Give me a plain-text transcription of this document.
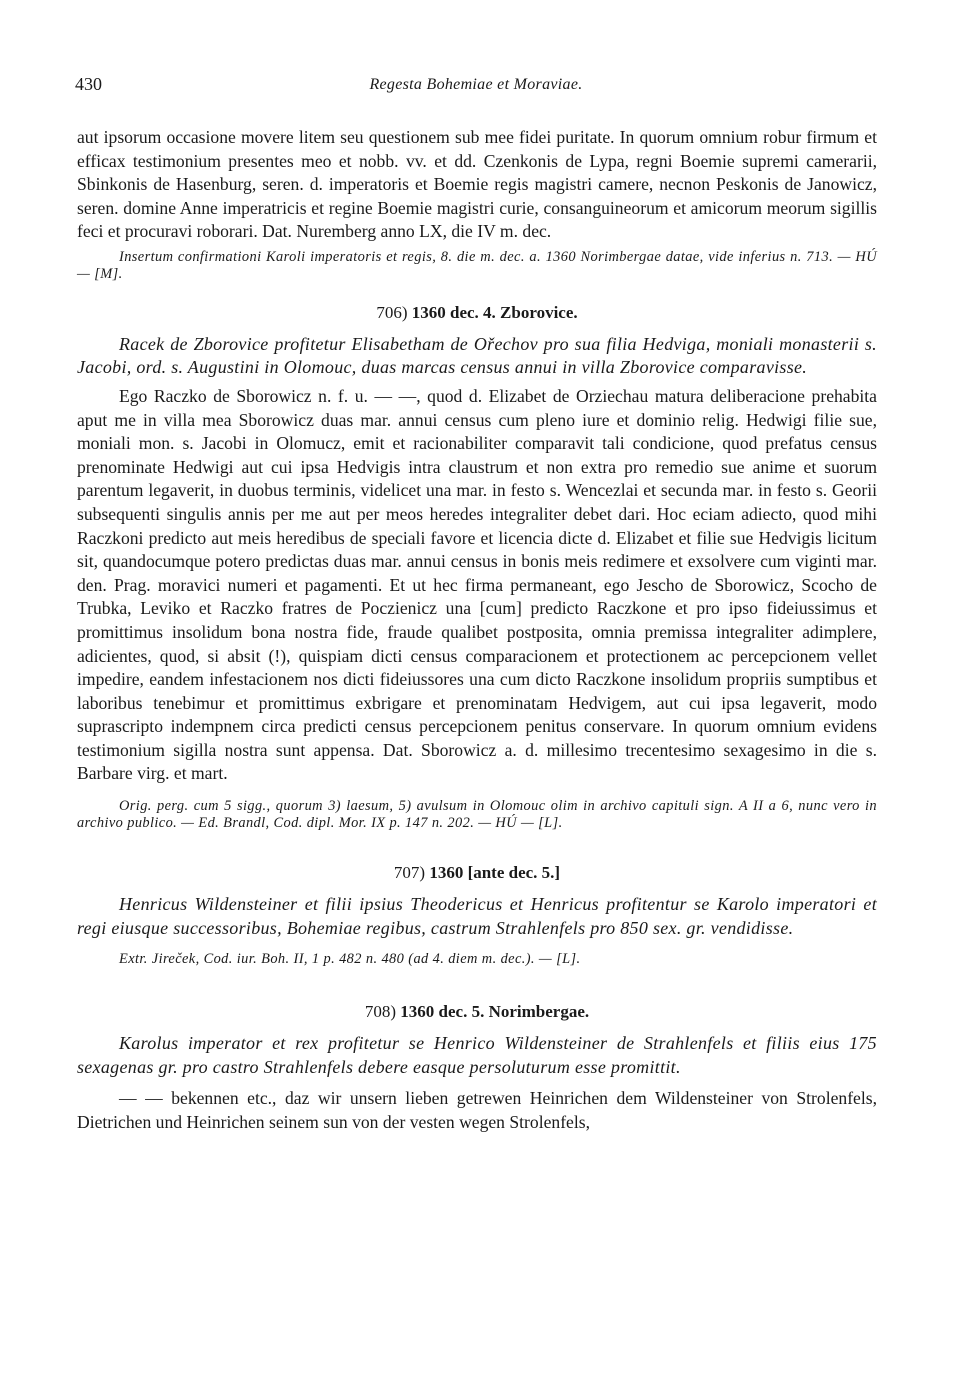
430	Regesta Bohemiae et Moraviae.

aut ipsorum occasione movere litem seu questionem sub mee fidei puritate. In quorum omnium robur firmum et efficax testimonium presentes meo et nobb. vv. et dd. Czenkonis de Lypa, regni Boemie supremi camerarii, Sbinkonis de Hasenburg, seren. d. imperatoris et Boemie regis magistri camere, necnon Peskonis de Janowicz, seren. domine Anne imperatricis et regine Boemie magistri curie, consanguineorum et amicorum meorum sigillis feci et procuravi roborari. Dat. Nuremberg anno LX, die IV m. dec.

Insertum confirmationi Karoli imperatoris et regis, 8. die m. dec. a. 1360 Norimbergae datae, vide inferius n. 713. — HÚ — [M].

706) 1360 dec. 4. Zborovice.

Racek de Zborovice profitetur Elisabetham de Ořechov pro sua filia Hedviga, moniali monasterii s. Jacobi, ord. s. Augustini in Olomouc, duas marcas census annui in villa Zborovice comparavisse.

Ego Raczko de Sborowicz n. f. u. — —, quod d. Elizabet de Orziechau matura deliberacione prehabita aput me in villa mea Sborowicz duas mar. annui census cum pleno iure et dominio relig. Hedwigi filie sue, moniali mon. s. Jacobi in Olomucz, emit et racionabiliter comparavit tali condicione, quod prefatus census prenominate Hedwigi aut cui ipsa Hedvigis intra claustrum et non extra pro remedio sue anime et suorum parentum legaverit, in duobus terminis, videlicet una mar. in festo s. Wencezlai et secunda mar. in festo s. Georii subsequenti singulis annis per me aut per meos heredes integraliter debet dari. Hoc eciam adiecto, quod mihi Raczkoni predicto aut meis heredibus de speciali favore et licencia dicte d. Elizabet et filie sue Hedvigis licitum sit, quandocumque potero predictas duas mar. annui census in bonis meis redimere et exsolvere cum viginti mar. den. Prag. moravici numeri et pagamenti. Et ut hec firma permaneant, ego Jescho de Sborowicz, Scocho de Trubka, Leviko et Raczko fratres de Poczienicz una [cum] predicto Raczkone et pro ipso fideiussimus et promittimus insolidum bona nostra fide, fraude qualibet postposita, omnia premissa integraliter adimplere, adicientes, quod, si absit (!), quispiam dicti census comparacionem et protectionem ac percepcionem vellet impedire, eandem infestacionem nos dicti fideiussores una cum dicto Raczkone insolidum propriis sumptibus et laboribus tenebimur et promittimus exbrigare et prenominatam Hedvigem, aut cui ipsa legaverit, modo suprascripto indempnem circa predicti census percepcionem penitus conservare. In quorum omnium evidens testimonium sigilla nostra sunt appensa. Dat. Sborowicz a. d. millesimo trecentesimo sexagesimo in die s. Barbare virg. et mart.

Orig. perg. cum 5 sigg., quorum 3) laesum, 5) avulsum in Olomouc olim in archivo capituli sign. A II a 6, nunc vero in archivo publico. — Ed. Brandl, Cod. dipl. Mor. IX p. 147 n. 202. — HÚ — [L].

707) 1360 [ante dec. 5.]

Henricus Wildensteiner et filii ipsius Theodericus et Henricus profitentur se Karolo imperatori et regi eiusque successoribus, Bohemiae regibus, castrum Strahlenfels pro 850 sex. gr. vendidisse.

Extr. Jireček, Cod. iur. Boh. II, 1 p. 482 n. 480 (ad 4. diem m. dec.). — [L].

708) 1360 dec. 5. Norimbergae.

Karolus imperator et rex profitetur se Henrico Wildensteiner de Strahlenfels et filiis eius 175 sexagenas gr. pro castro Strahlenfels debere easque persoluturum esse promittit.

— — bekennen etc., daz wir unsern lieben getrewen Heinrichen dem Wildensteiner von Strolenfels, Dietrichen und Heinrichen seinem sun von der vesten wegen Strolenfels,
